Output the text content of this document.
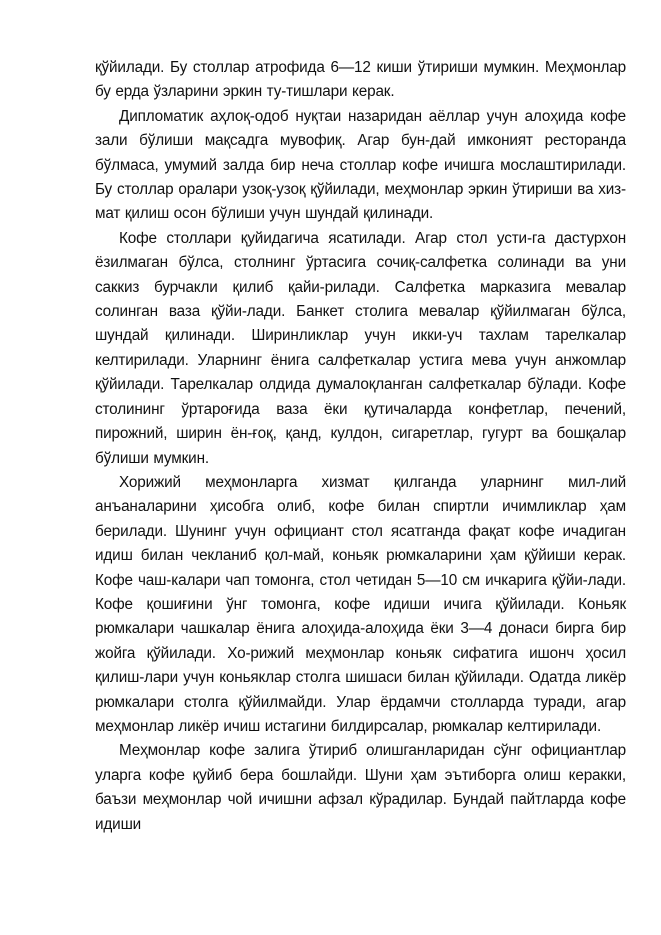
қўйилади. Бу столлар атрофида 6—12 киши ўтириши мумкин. Меҳмонлар бу ерда ўзларини эркин ту-тишлари керак.

Дипломатик аҳлоқ-одоб нуқтаи назаридан аёллар учун алоҳида кофе зали бўлиши мақсадга мувофиқ. Агар бун-дай имконият ресторанда бўлмаса, умумий залда бир неча столлар кофе ичишга мослаштирилади. Бу столлар оралари узоқ-узоқ қўйилади, меҳмонлар эркин ўтириши ва хиз-мат қилиш осон бўлиши учун шундай қилинади.

Кофе столлари қуйидагича ясатилади. Агар стол усти-га дастурхон ёзилмаган бўлса, столнинг ўртасига сочиқ-салфетка солинади ва уни саккиз бурчакли қилиб қайи-рилади. Салфетка марказига мевалар солинган ваза қўйи-лади. Банкет столига мевалар қўйилмаган бўлса, шундай қилинади. Ширинликлар учун икки-уч тахлам тарелкалар келтирилади. Уларнинг ёнига салфеткалар устига мева учун анжомлар қўйилади. Тарелкалар олдида думалоқланган салфеткалар бўлади. Кофе столининг ўртароғида ваза ёки қутичаларда конфетлар, печений, пирожний, ширин ён-ғоқ, қанд, кулдон, сигаретлар, гугурт ва бошқалар бўлиши мумкин.

Хорижий меҳмонларга хизмат қилганда уларнинг мил-лий анъаналарини ҳисобга олиб, кофе билан спиртли ичимликлар ҳам берилади. Шунинг учун официант стол ясатганда фақат кофе ичадиган идиш билан чекланиб қол-май, коньяк рюмкаларини ҳам қўйиши керак. Кофе чаш-калари чап томонга, стол четидан 5—10 см ичкарига қўйи-лади. Кофе қошиғини ўнг томонга, кофе идиши ичига қўйилади. Коньяк рюмкалари чашкалар ёнига алоҳида-алоҳида ёки 3—4 донаси бирга бир жойга қўйилади. Хо-рижий меҳмонлар коньяк сифатига ишонч ҳосил қилиш-лари учун коньяклар столга шишаси билан қўйилади. Одатда ликёр рюмкалари столга қўйилмайди. Улар ёрдамчи столларда туради, агар меҳмонлар ликёр ичиш истагини билдирсалар, рюмкалар келтирилади.

Меҳмонлар кофе залига ўтириб олишганларидан сўнг официантлар уларга кофе қуйиб бера бошлайди. Шуни ҳам эътиборга олиш керакки, баъзи меҳмонлар чой ичишни афзал кўрадилар. Бундай пайтларда кофе идиши
